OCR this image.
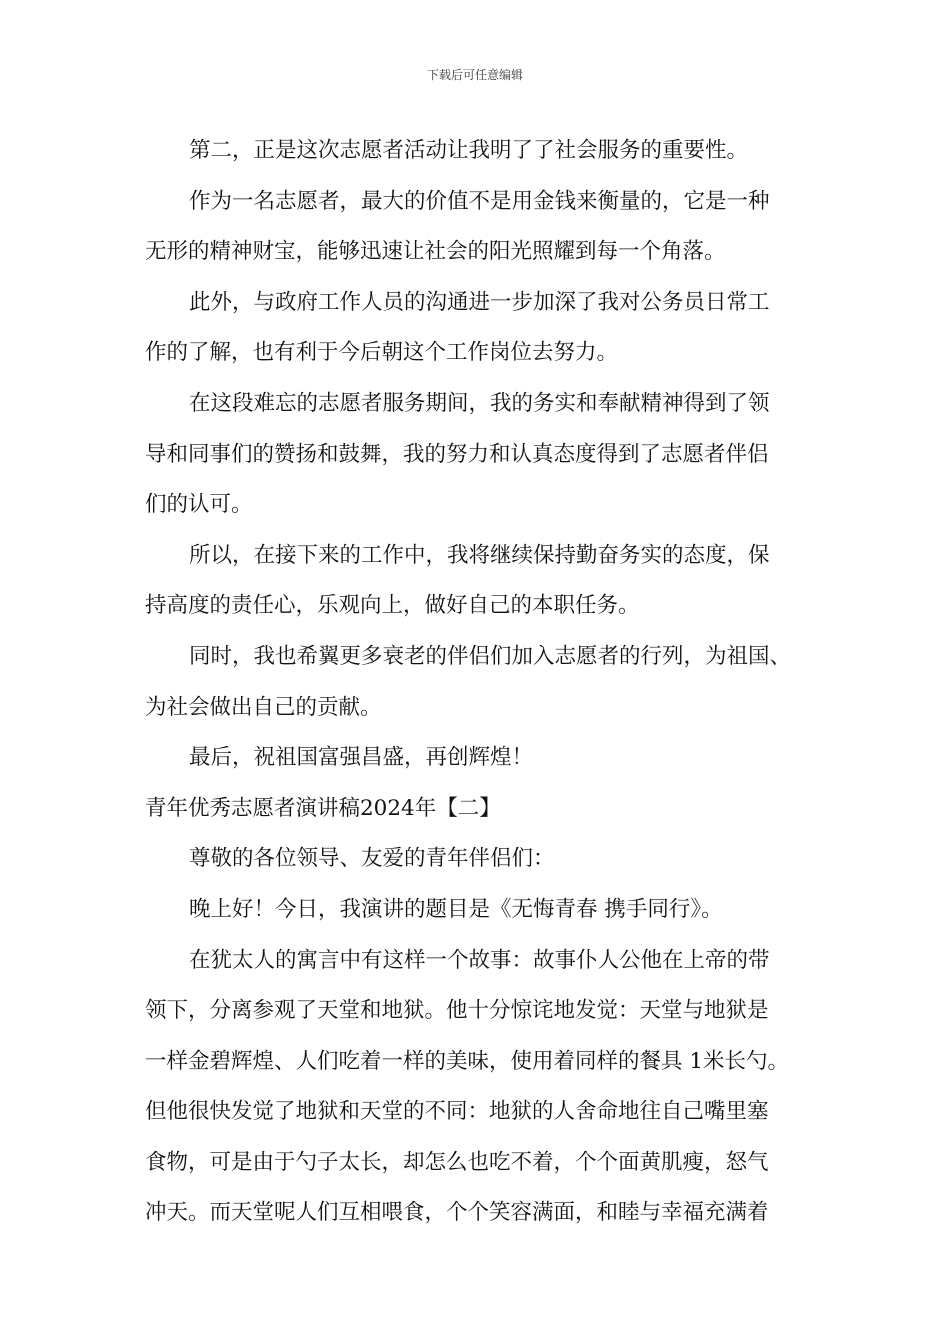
下载后可任意编辑
第二，正是这次志愿者活动让我明了了社会服务的重要性。
作为一名志愿者，最大的价值不是用金钱来衡量的，它是一种
无形的精神财宝，能够迅速让社会的阳光照耀到每一个角落。
此外，与政府工作人员的沟通进一步加深了我对公务员日常工
作的了解，也有利于今后朝这个工作岗位去努力。
在这段难忘的志愿者服务期间，我的务实和奉献精神得到了领
导和同事们的赞扬和鼓舞，我的努力和认真态度得到了志愿者伴侣
们的认可。
所以，在接下来的工作中，我将继续保持勤奋务实的态度，保
持高度的责任心，乐观向上，做好自己的本职任务。
同时，我也希翼更多衰老的伴侣们加入志愿者的行列，为祖国、
为社会做出自己的贡献。
最后，祝祖国富强昌盛，再创辉煌！
青年优秀志愿者演讲稿2024年【二】
尊敬的各位领导、友爱的青年伴侣们：
晚上好！今日，我演讲的题目是《无悔青春 携手同行》。
在犹太人的寓言中有这样一个故事：故事仆人公他在上帝的带
领下，分离参观了天堂和地狱。他十分惊诧地发觉：天堂与地狱是
一样金碧辉煌、人们吃着一样的美味，使用着同样的餐具 1米长勺。
但他很快发觉了地狱和天堂的不同：地狱的人舍命地往自己嘴里塞
食物，可是由于勺子太长，却怎么也吃不着，个个面黄肌瘦，怒气
冲天。而天堂呢人们互相喂食，个个笑容满面，和睦与幸福充满着
